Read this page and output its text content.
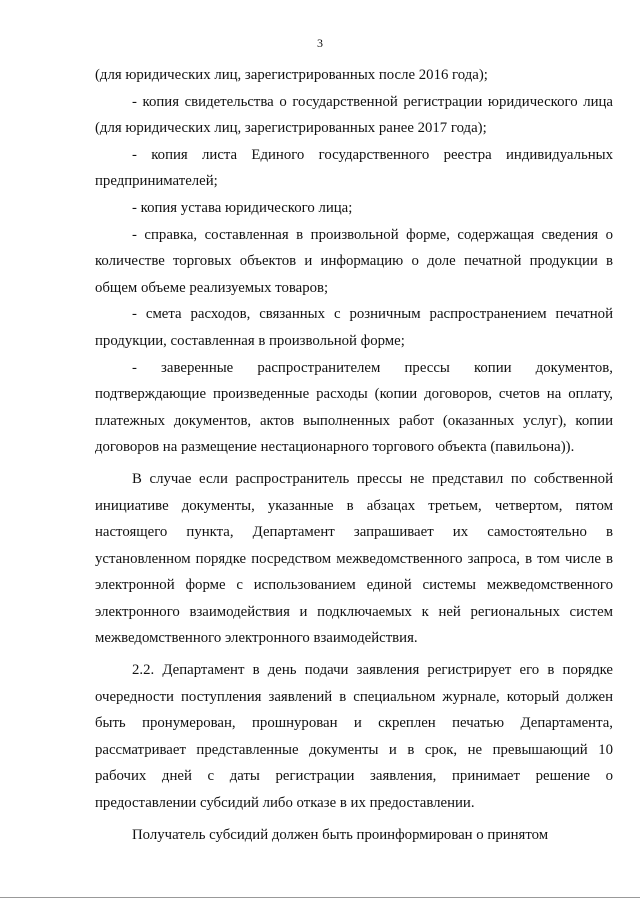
3

(для юридических лиц, зарегистрированных после 2016 года);

- копия свидетельства о государственной регистрации юридического лица (для юридических лиц, зарегистрированных ранее 2017 года);

- копия листа Единого государственного реестра индивидуальных предпринимателей;

- копия устава юридического лица;

- справка, составленная в произвольной форме, содержащая сведения о количестве торговых объектов и информацию о доле печатной продукции в общем объеме реализуемых товаров;

- смета расходов, связанных с розничным распространением печатной продукции, составленная в произвольной форме;

- заверенные распространителем прессы копии документов, подтверждающие произведенные расходы (копии договоров, счетов на оплату, платежных документов, актов выполненных работ (оказанных услуг), копии договоров на размещение нестационарного торгового объекта (павильона)).

В случае если распространитель прессы не представил по собственной инициативе документы, указанные в абзацах третьем, четвертом, пятом настоящего пункта, Департамент запрашивает их самостоятельно в установленном порядке посредством межведомственного запроса, в том числе в электронной форме с использованием единой системы межведомственного электронного взаимодействия и подключаемых к ней региональных систем межведомственного электронного взаимодействия.

2.2. Департамент в день подачи заявления регистрирует его в порядке очередности поступления заявлений в специальном журнале, который должен быть пронумерован, прошнурован и скреплен печатью Департамента, рассматривает представленные документы и в срок, не превышающий 10 рабочих дней с даты регистрации заявления, принимает решение о предоставлении субсидий либо отказе в их предоставлении.

Получатель субсидий должен быть проинформирован о принятом
